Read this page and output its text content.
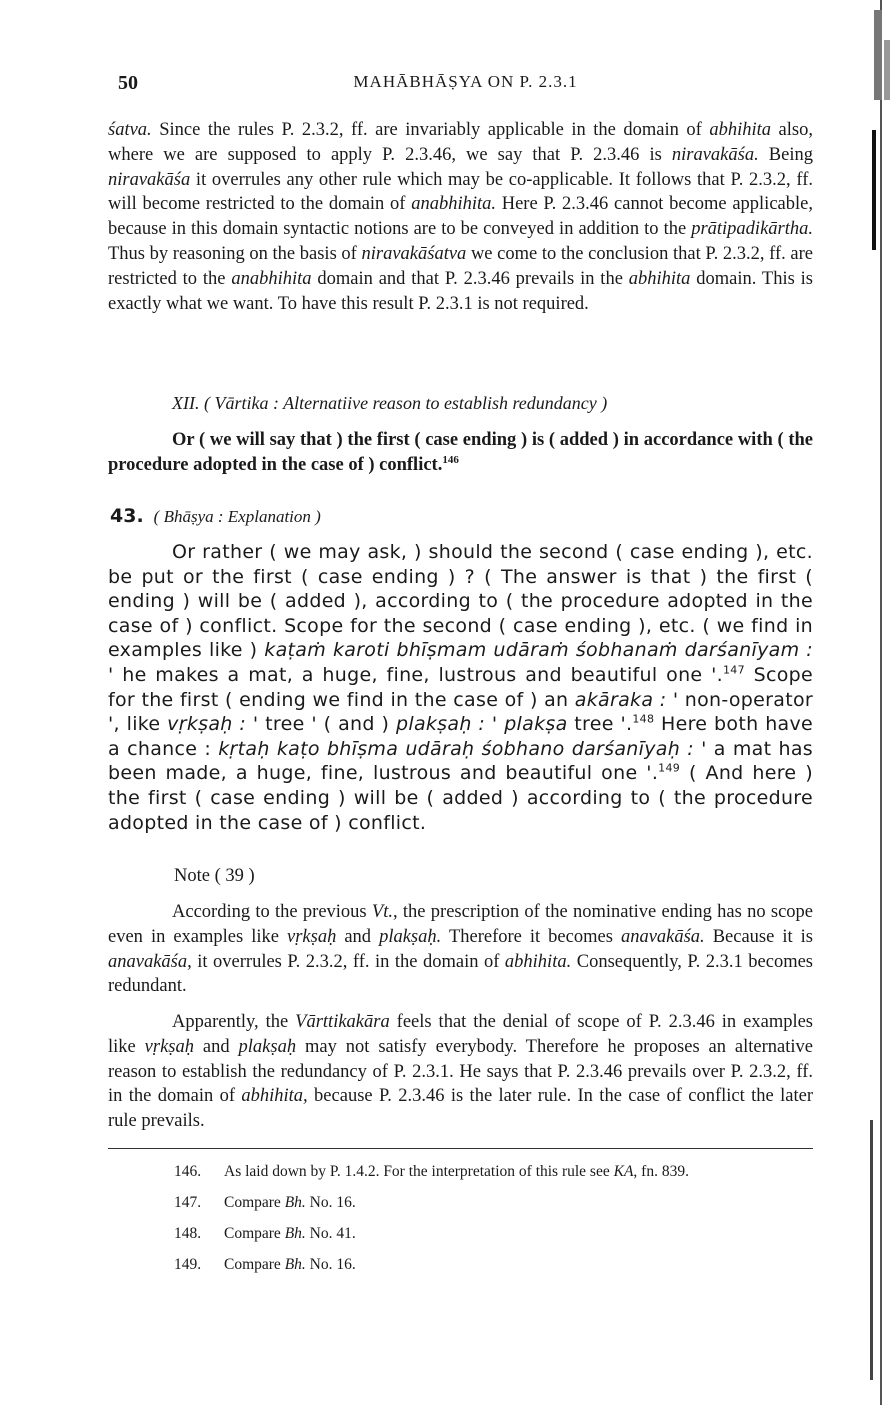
50	MAHĀBHĀṢYA ON P. 2.3.1
śatva. Since the rules P. 2.3.2, ff. are invariably applicable in the domain of abhihita also, where we are supposed to apply P. 2.3.46, we say that P. 2.3.46 is niravakāśa. Being niravakāśa it overrules any other rule which may be co-applicable. It follows that P. 2.3.2, ff. will become restricted to the domain of anabhihita. Here P. 2.3.46 cannot become applicable, because in this domain syntactic notions are to be conveyed in addition to the prātipadikārtha. Thus by reasoning on the basis of niravakāśatva we come to the conclusion that P. 2.3.2, ff. are restricted to the anabhihita domain and that P. 2.3.46 prevails in the abhihita domain. This is exactly what we want. To have this result P. 2.3.1 is not required.
XII. ( Vārtika : Alternatiive reason to establish redundancy )
Or ( we will say that ) the first ( case ending ) is ( added ) in accordance with ( the procedure adopted in the case of ) conflict.$^{146}$
43. ( Bhāṣya : Explanation )
Or rather ( we may ask, ) should the second ( case ending ), etc. be put or the first ( case ending ) ? ( The answer is that ) the first ( ending ) will be ( added ), according to ( the procedure adopted in the case of ) conflict. Scope for the second ( case ending ), etc. ( we find in examples like ) kaṭaṁ karoti bhīṣmam udāraṁ śobhanaṁ darśanīyam : ' he makes a mat, a huge, fine, lustrous and beautiful one '.$^{147}$ Scope for the first ( ending we find in the case of ) an akāraka : ' non-operator ', like vṛkṣaḥ : ' tree ' ( and ) plakṣaḥ : ' plakṣa tree '.$^{148}$ Here both have a chance : kṛtaḥ kaṭo bhīṣma udāraḥ śobhano darśanīyaḥ : ' a mat has been made, a huge, fine, lustrous and beautiful one '.$^{149}$ ( And here ) the first ( case ending ) will be ( added ) according to ( the procedure adopted in the case of ) conflict.
Note ( 39 )
According to the previous Vt., the prescription of the nominative ending has no scope even in examples like vṛkṣaḥ and plakṣaḥ. Therefore it becomes anavakāśa. Because it is anavakāśa, it overrules P. 2.3.2, ff. in the domain of abhihita. Consequently, P. 2.3.1 becomes redundant.
Apparently, the Vārttikakāra feels that the denial of scope of P. 2.3.46 in examples like vṛkṣaḥ and plakṣaḥ may not satisfy everybody. Therefore he proposes an alternative reason to establish the redundancy of P. 2.3.1. He says that P. 2.3.46 prevails over P. 2.3.2, ff. in the domain of abhihita, because P. 2.3.46 is the later rule. In the case of conflict the later rule prevails.
146. As laid down by P. 1.4.2. For the interpretation of this rule see KA, fn. 839.
147. Compare Bh. No. 16.
148. Compare Bh. No. 41.
149. Compare Bh. No. 16.
